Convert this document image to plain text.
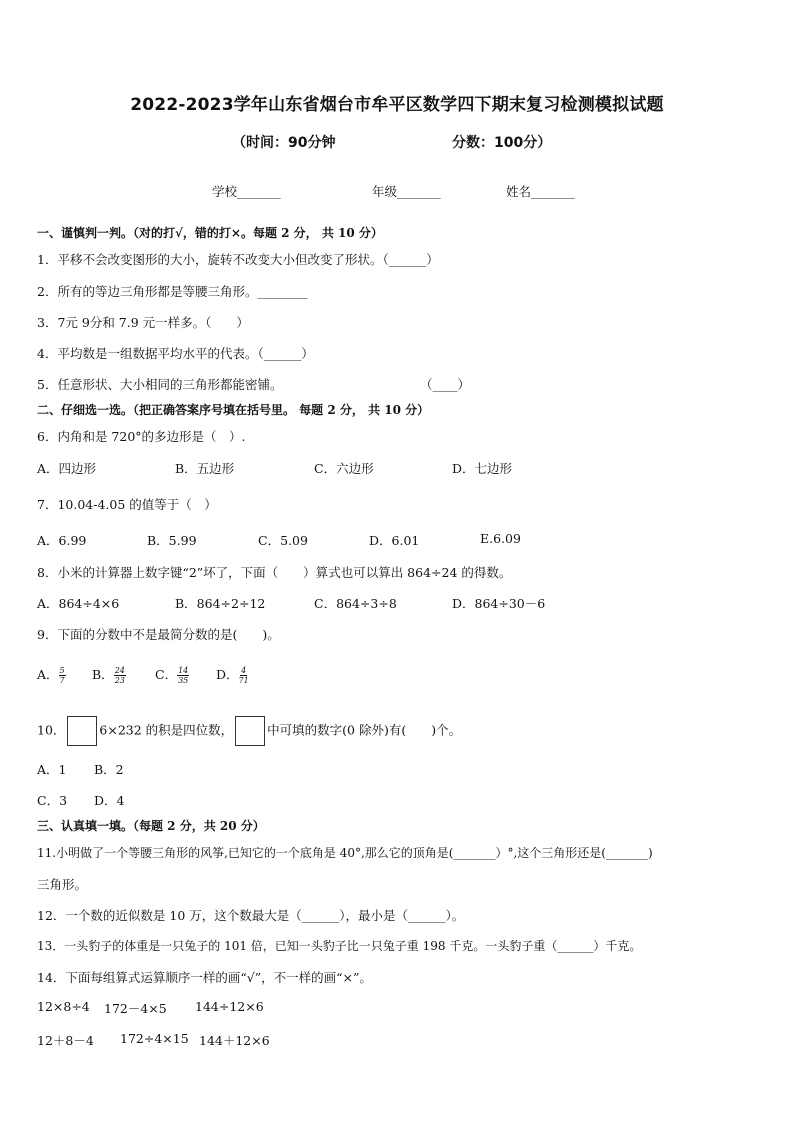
2022-2023学年山东省烟台市牟平区数学四下期末复习检测模拟试题
（时间：90分钟	分数：100分）
学校_______	年级_______	姓名_______
一、谨慎判一判。（对的打√，错的打×。每题 2 分， 共 10 分）
1．平移不会改变图形的大小，旋转不改变大小但改变了形状。（______）
2．所有的等边三角形都是等腰三角形。________
3．7元 9分和 7.9 元一样多。（　　）
4．平均数是一组数据平均水平的代表。（______）
5．任意形状、大小相同的三角形都能密铺。	（____）
二、仔细选一选。（把正确答案序号填在括号里。 每题 2 分， 共 10 分）
6．内角和是 720°的多边形是（　）.
A．四边形	B．五边形	C．六边形	D．七边形
7．10.04-4.05 的值等于（　）
A．6.99	B．5.99	C．5.09	D．6.01	E.6.09
8．小米的计算器上数字键“2”坏了，下面（　　）算式也可以算出 864÷24 的得数。
A．864÷4×6	B．864÷2÷12	C．864÷3÷8	D．864÷30－6
9．下面的分数中不是最简分数的是(　　)。
A． $\frac{5}{7}$ B． $\frac{24}{23}$ C． $\frac{14}{35}$ D． $\frac{4}{71}$
10．	6×232 的积是四位数，	中可填的数字(0 除外)有(　　)个。
A．1 B．2
C．3 D．4
三、认真填一填。（每题 2 分，共 20 分）
11.小明做了一个等腰三角形的风筝,已知它的一个底角是 40°,那么它的顶角是(_______）°,这个三角形还是(_______)
三角形。
12．一个数的近似数是 10 万，这个数最大是（______），最小是（______）。
13．一头豹子的体重是一只兔子的 101 倍，已知一头豹子比一只兔子重 198 千克。一头豹子重（______）千克。
14．下面每组算式运算顺序一样的画“√”，不一样的画“×”。
12×8÷4 172－4×5 144÷12×6
12＋8－4 172÷4×15 144＋12×6
